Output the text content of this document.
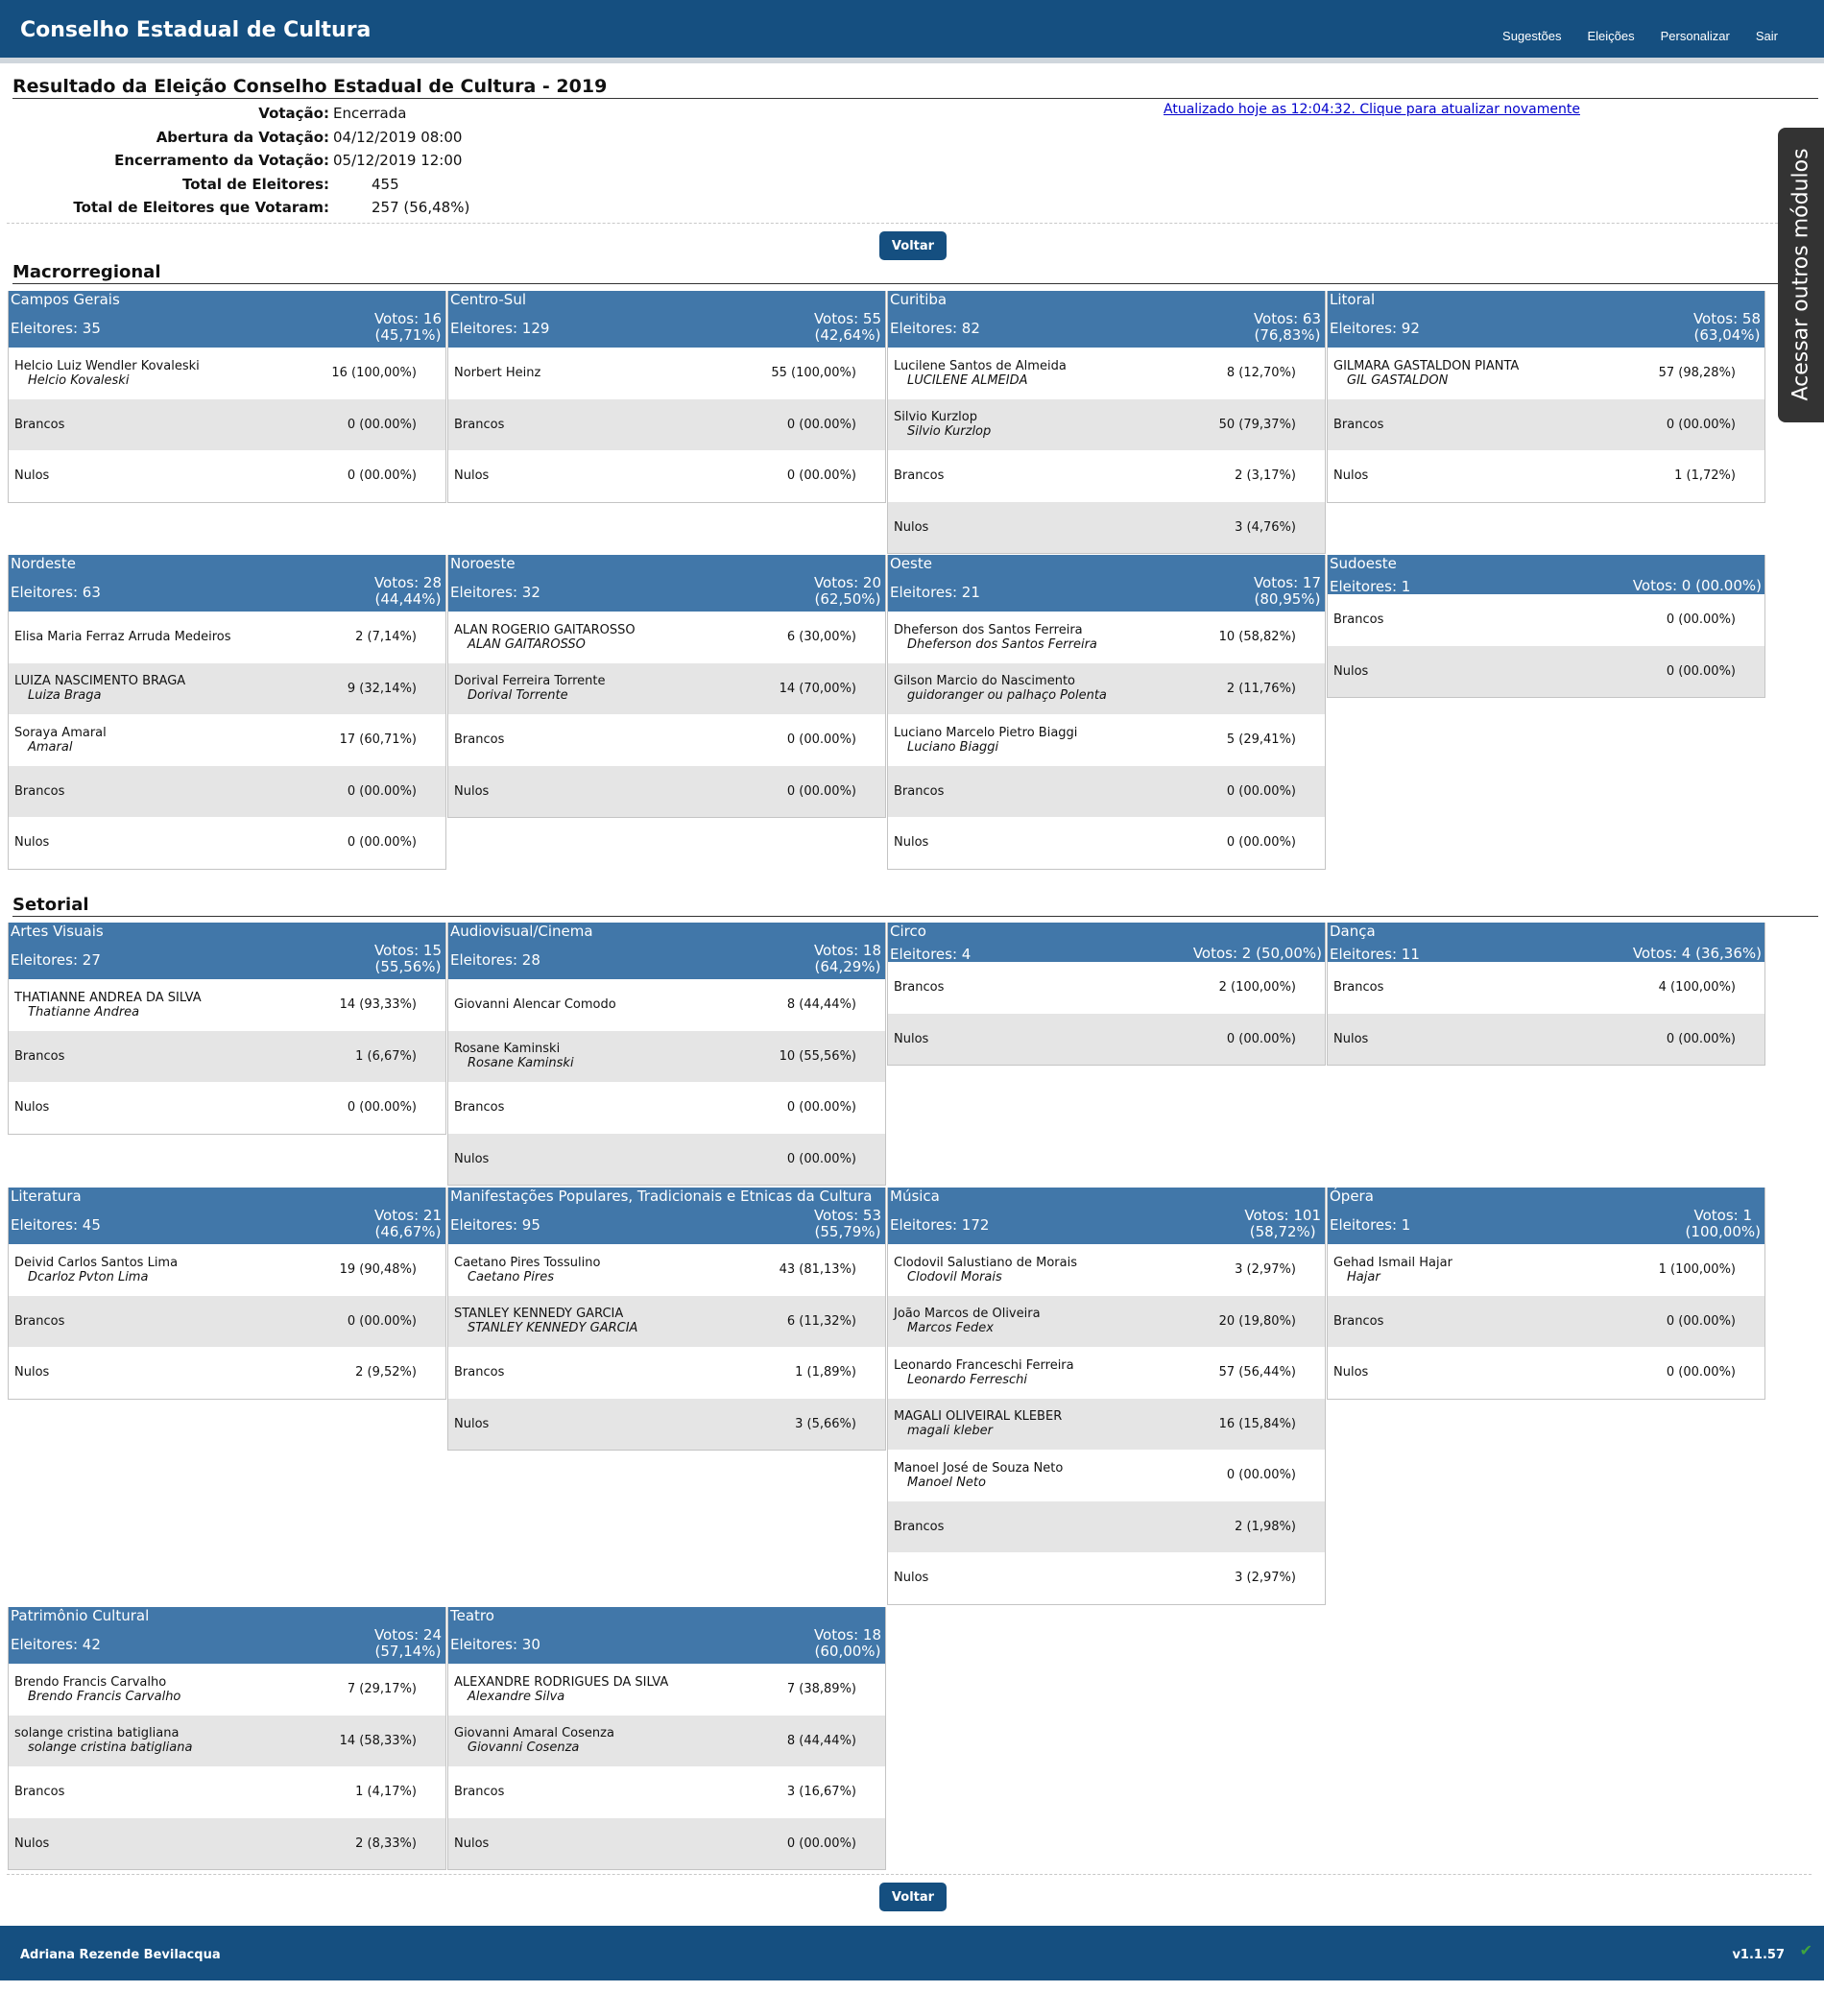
Conselho Estadual de Cultura	Sugestões Eleições Personalizar Sair
Resultado da Eleição Conselho Estadual de Cultura - 2019
Votação: Encerrada
Abertura da Votação: 04/12/2019 08:00
Encerramento da Votação: 05/12/2019 12:00
Total de Eleitores:	455
Total de Eleitores que Votaram:	257 (56,48%)
Atualizado hoje as 12:04:32. Clique para atualizar novamente
Voltar
Macrorregional
Campos Gerais
Eleitores: 35
Votos: 16
(45,71%)
Helcio Luiz Wendler Kovaleski
Helcio Kovaleski	16 (100,00%)
Brancos	0 (00.00%)
Nulos	0 (00.00%)
Centro-Sul
Eleitores: 129
Votos: 55
(42,64%)
Norbert Heinz	55 (100,00%)
Brancos	0 (00.00%)
Nulos	0 (00.00%)
Curitiba
Eleitores: 82
Votos: 63
(76,83%)
Lucilene Santos de Almeida
LUCILENE ALMEIDA	8 (12,70%)
Silvio Kurzlop
Silvio Kurzlop	50 (79,37%)
Brancos	2 (3,17%)
Nulos	3 (4,76%)
Litoral
Eleitores: 92
Votos: 58
(63,04%)
GILMARA GASTALDON PIANTA
GIL GASTALDON	57 (98,28%)
Brancos	0 (00.00%)
Nulos	1 (1,72%)
Nordeste
Eleitores: 63
Votos: 28
(44,44%)
Elisa Maria Ferraz Arruda Medeiros	2 (7,14%)
LUIZA NASCIMENTO BRAGA
Luiza Braga	9 (32,14%)
Soraya Amaral
Amaral	17 (60,71%)
Brancos	0 (00.00%)
Nulos	0 (00.00%)
Noroeste
Eleitores: 32
Votos: 20
(62,50%)
ALAN ROGERIO GAITAROSSO
ALAN GAITAROSSO	6 (30,00%)
Dorival Ferreira Torrente
Dorival Torrente	14 (70,00%)
Brancos	0 (00.00%)
Nulos	0 (00.00%)
Oeste
Eleitores: 21
Votos: 17
(80,95%)
Dheferson dos Santos Ferreira
Dheferson dos Santos Ferreira	10 (58,82%)
Gilson Marcio do Nascimento
guidoranger ou palhaço Polenta	2 (11,76%)
Luciano Marcelo Pietro Biaggi
Luciano Biaggi	5 (29,41%)
Brancos	0 (00.00%)
Nulos	0 (00.00%)
Sudoeste
Eleitores: 1	Votos: 0 (00.00%)
Brancos	0 (00.00%)
Nulos	0 (00.00%)
Setorial
Artes Visuais
Eleitores: 27
Votos: 15
(55,56%)
THATIANNE ANDREA DA SILVA
Thatianne Andrea	14 (93,33%)
Brancos	1 (6,67%)
Nulos	0 (00.00%)
Audiovisual/Cinema
Eleitores: 28
Votos: 18
(64,29%)
Giovanni Alencar Comodo	8 (44,44%)
Rosane Kaminski
Rosane Kaminski	10 (55,56%)
Brancos	0 (00.00%)
Nulos	0 (00.00%)
Circo
Eleitores: 4	Votos: 2 (50,00%)
Brancos	2 (100,00%)
Nulos	0 (00.00%)
Dança
Eleitores: 11	Votos: 4 (36,36%)
Brancos	4 (100,00%)
Nulos	0 (00.00%)
Literatura
Eleitores: 45
Votos: 21
(46,67%)
Deivid Carlos Santos Lima
Dcarloz Pvton Lima	19 (90,48%)
Brancos	0 (00.00%)
Nulos	2 (9,52%)
Manifestações Populares, Tradicionais e Etnicas da Cultura
Eleitores: 95
Votos: 53
(55,79%)
Caetano Pires Tossulino
Caetano Pires	43 (81,13%)
STANLEY KENNEDY GARCIA
STANLEY KENNEDY GARCIA	6 (11,32%)
Brancos	1 (1,89%)
Nulos	3 (5,66%)
Música
Eleitores: 172
Votos: 101
(58,72%)
Clodovil Salustiano de Morais
Clodovil Morais	3 (2,97%)
João Marcos de Oliveira
Marcos Fedex	20 (19,80%)
Leonardo Franceschi Ferreira
Leonardo Ferreschi	57 (56,44%)
MAGALI OLIVEIRAL KLEBER
magali kleber	16 (15,84%)
Manoel José de Souza Neto
Manoel Neto	0 (00.00%)
Brancos	2 (1,98%)
Nulos	3 (2,97%)
Ópera
Eleitores: 1
Votos: 1
(100,00%)
Gehad Ismail Hajar
Hajar	1 (100,00%)
Brancos	0 (00.00%)
Nulos	0 (00.00%)
Patrimônio Cultural
Eleitores: 42
Votos: 24
(57,14%)
Brendo Francis Carvalho
Brendo Francis Carvalho	7 (29,17%)
solange cristina batigliana
solange cristina batigliana	14 (58,33%)
Brancos	1 (4,17%)
Nulos	2 (8,33%)
Teatro
Eleitores: 30
Votos: 18
(60,00%)
ALEXANDRE RODRIGUES DA SILVA
Alexandre Silva	7 (38,89%)
Giovanni Amaral Cosenza
Giovanni Cosenza	8 (44,44%)
Brancos	3 (16,67%)
Nulos	0 (00.00%)
Voltar
Acessar outros módulos
Adriana Rezende Bevilacqua	v1.1.57 ✔
